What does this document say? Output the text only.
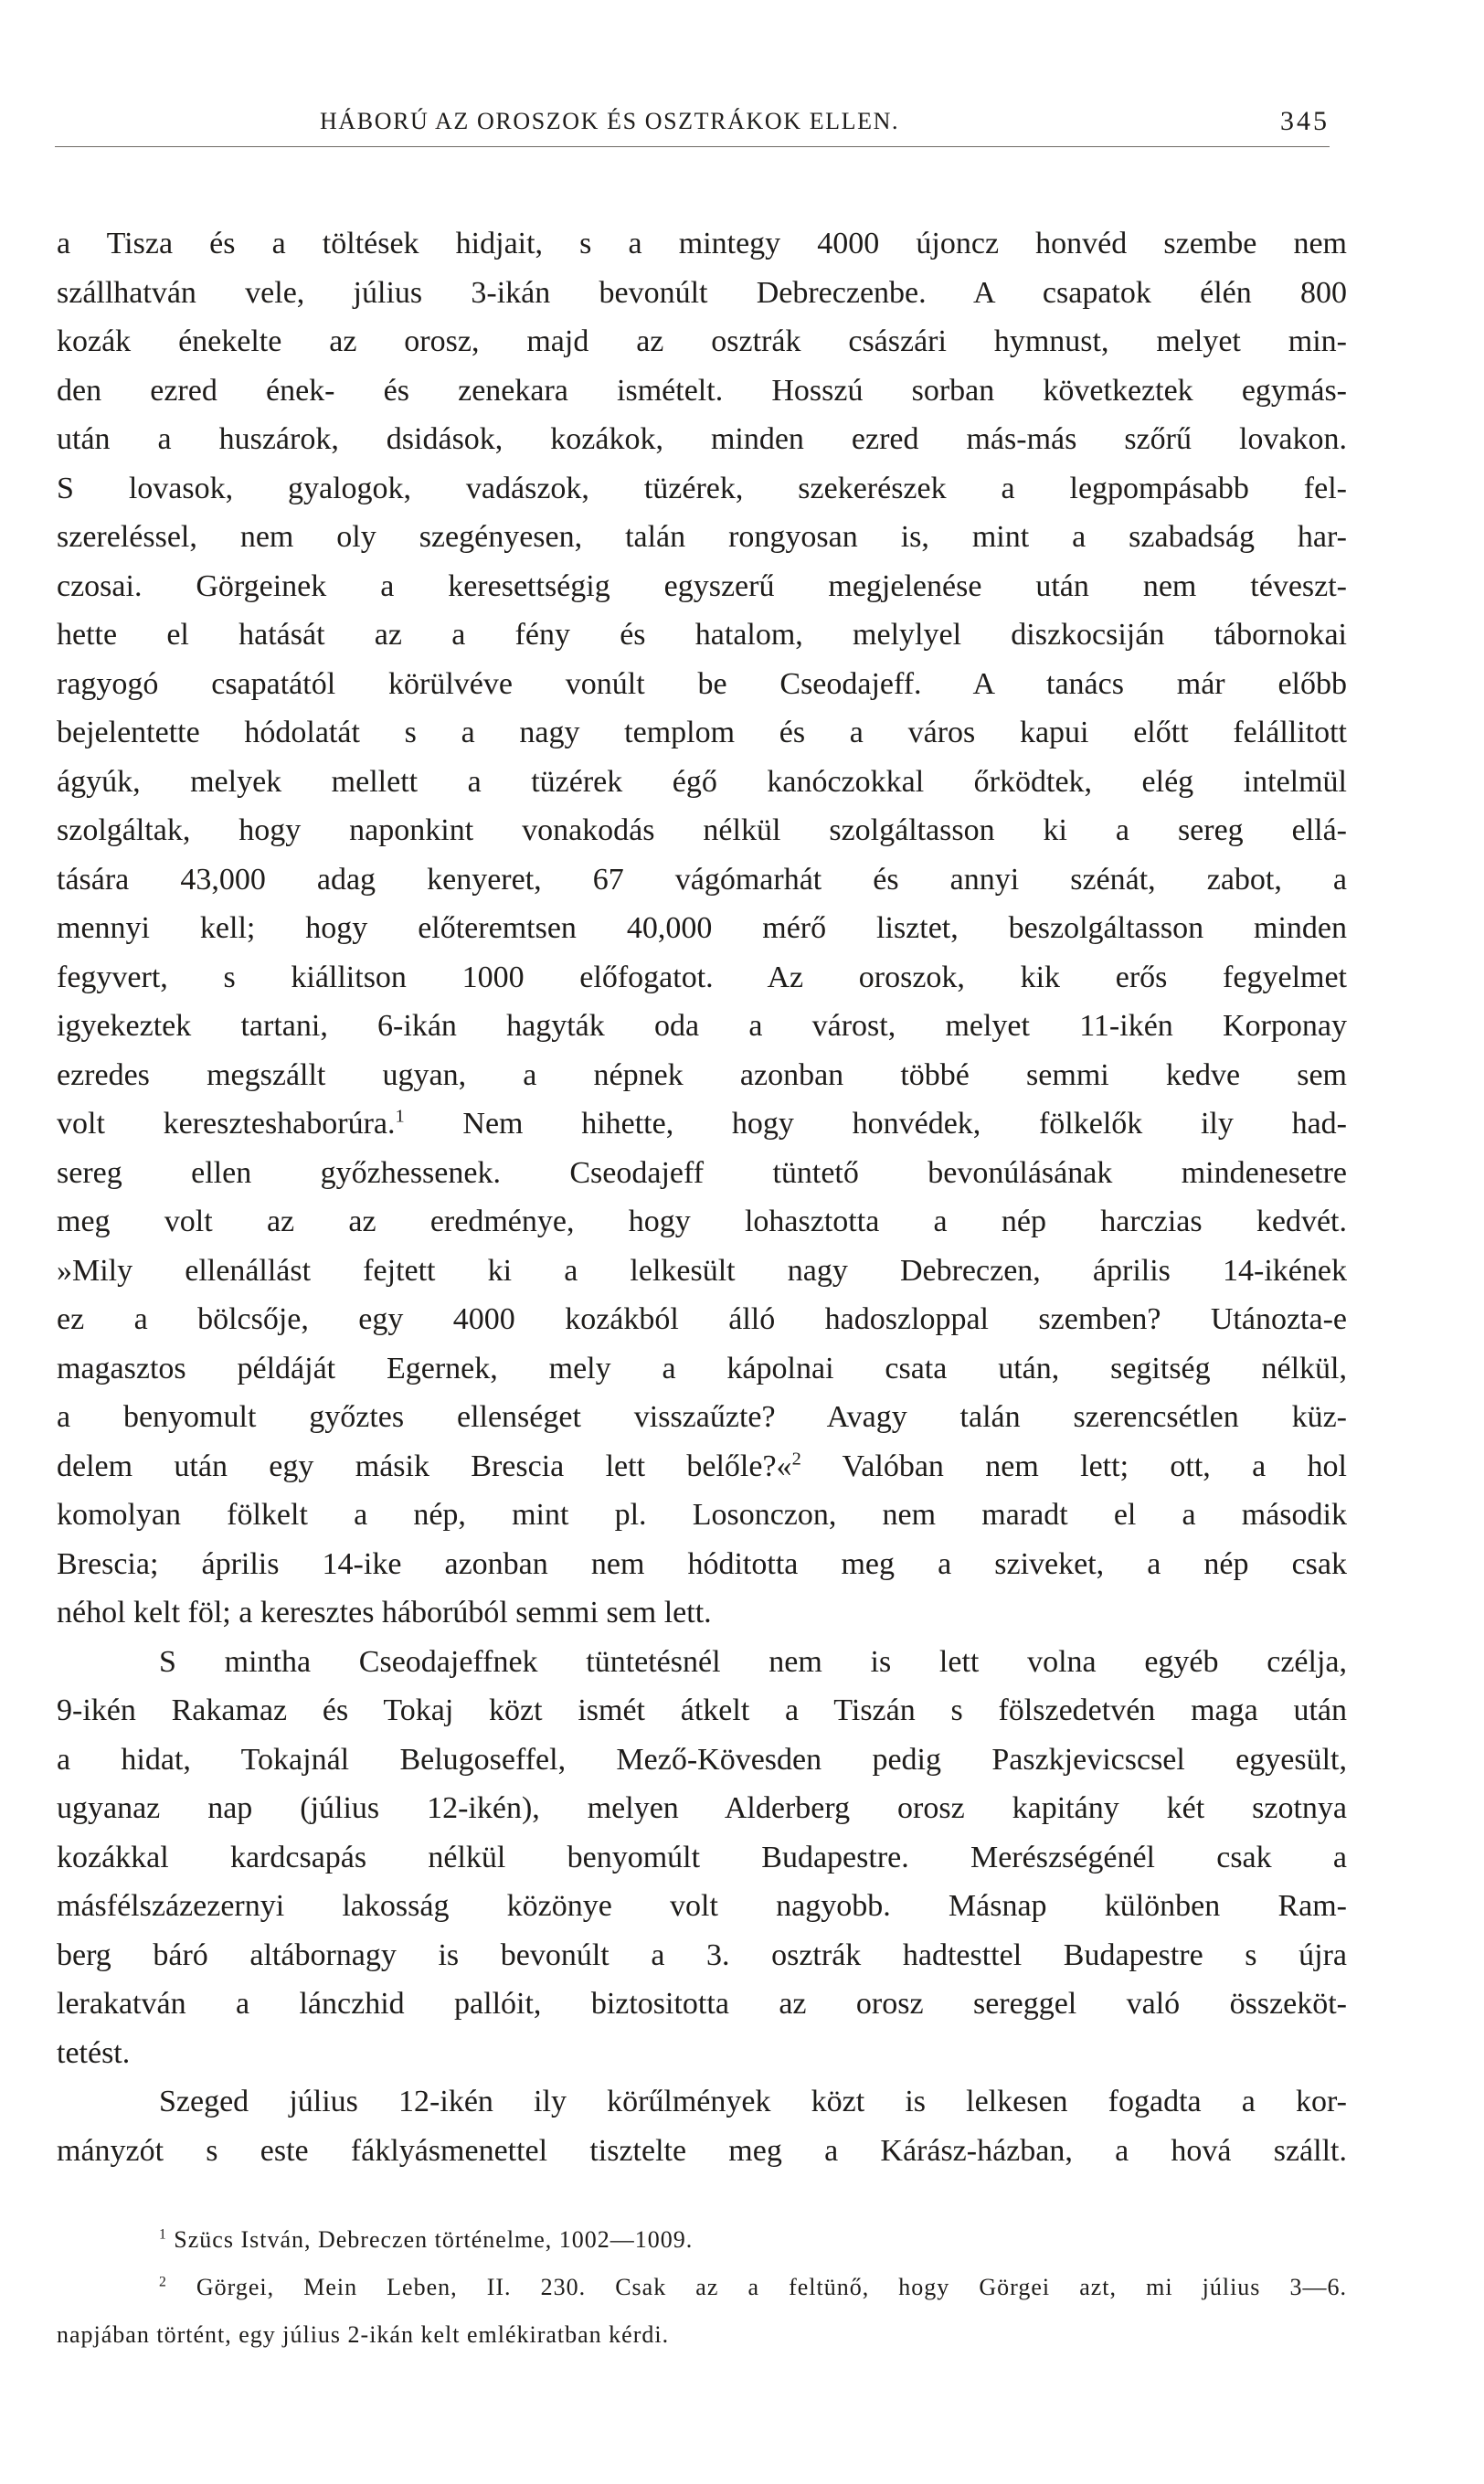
HÁBORÚ AZ OROSZOK ÉS OSZTRÁKOK ELLEN.	345
a Tisza és a töltések hidjait, s a mintegy 4000 újoncz honvéd szembe nem
szállhatván vele, július 3-ikán bevonúlt Debreczenbe. A csapatok élén 800
kozák énekelte az orosz, majd az osztrák császári hymnust, melyet min-
den ezred ének- és zenekara ismételt. Hosszú sorban következtek egymás-
után a huszárok, dsidások, kozákok, minden ezred más-más szőrű lovakon.
S lovasok, gyalogok, vadászok, tüzérek, szekerészek a legpompásabb fel-
szereléssel, nem oly szegényesen, talán rongyosan is, mint a szabadság har-
czosai. Görgeinek a keresettségig egyszerű megjelenése után nem téveszt-
hette el hatását az a fény és hatalom, melylyel diszkocsiján tábornokai
ragyogó csapatától körülvéve vonúlt be Cseodajeff. A tanács már előbb
bejelentette hódolatát s a nagy templom és a város kapui előtt felállitott
ágyúk, melyek mellett a tüzérek égő kanóczokkal őrködtek, elég intelmül
szolgáltak, hogy naponkint vonakodás nélkül szolgáltasson ki a sereg ellá-
tására 43,000 adag kenyeret, 67 vágómarhát és annyi szénát, zabot, a
mennyi kell; hogy előteremtsen 40,000 mérő lisztet, beszolgáltasson minden
fegyvert, s kiállitson 1000 előfogatot. Az oroszok, kik erős fegyelmet
igyekeztek tartani, 6-ikán hagyták oda a várost, melyet 11-ikén Korponay
ezredes megszállt ugyan, a népnek azonban többé semmi kedve sem
volt kereszteshaborúra.$^1$ Nem hihette, hogy honvédek, fölkelők ily had-
sereg ellen győzhessenek. Cseodajeff tüntető bevonúlásának mindenesetre
meg volt az az eredménye, hogy lohasztotta a nép harczias kedvét.
»Mily ellenállást fejtett ki a lelkesült nagy Debreczen, április 14-ikének
ez a bölcsője, egy 4000 kozákból álló hadoszloppal szemben? Utánozta-e
magasztos példáját Egernek, mely a kápolnai csata után, segitség nélkül,
a benyomult győztes ellenséget visszaűzte? Avagy talán szerencsétlen küz-
delem után egy másik Brescia lett belőle?«$^2$ Valóban nem lett; ott, a hol
komolyan fölkelt a nép, mint pl. Losonczon, nem maradt el a második
Brescia; április 14-ike azonban nem hóditotta meg a sziveket, a nép csak
néhol kelt föl; a keresztes háborúból semmi sem lett.
S mintha Cseodajeffnek tüntetésnél nem is lett volna egyéb czélja,
9-ikén Rakamaz és Tokaj közt ismét átkelt a Tiszán s fölszedetvén maga után
a hidat, Tokajnál Belugoseffel, Mező-Kövesden pedig Paszkjevicscsel egyesült,
ugyanaz nap (július 12-ikén), melyen Alderberg orosz kapitány két szotnya
kozákkal kardcsapás nélkül benyomúlt Budapestre. Merészségénél csak a
másfélszázezernyi lakosság közönye volt nagyobb. Másnap különben Ram-
berg báró altábornagy is bevonúlt a 3. osztrák hadtesttel Budapestre s újra
lerakatván a lánczhid pallóit, biztositotta az orosz sereggel való összeköt-
tetést.
Szeged július 12-ikén ily körűlmények közt is lelkesen fogadta a kor-
mányzót s este fáklyásmenettel tisztelte meg a Kárász-házban, a hová szállt.
$^1$ Szücs István, Debreczen történelme, 1002—1009.
$^2$ Görgei, Mein Leben, II. 230. Csak az a feltünő, hogy Görgei azt, mi július 3—6.
napjában történt, egy július 2-ikán kelt emlékiratban kérdi.
